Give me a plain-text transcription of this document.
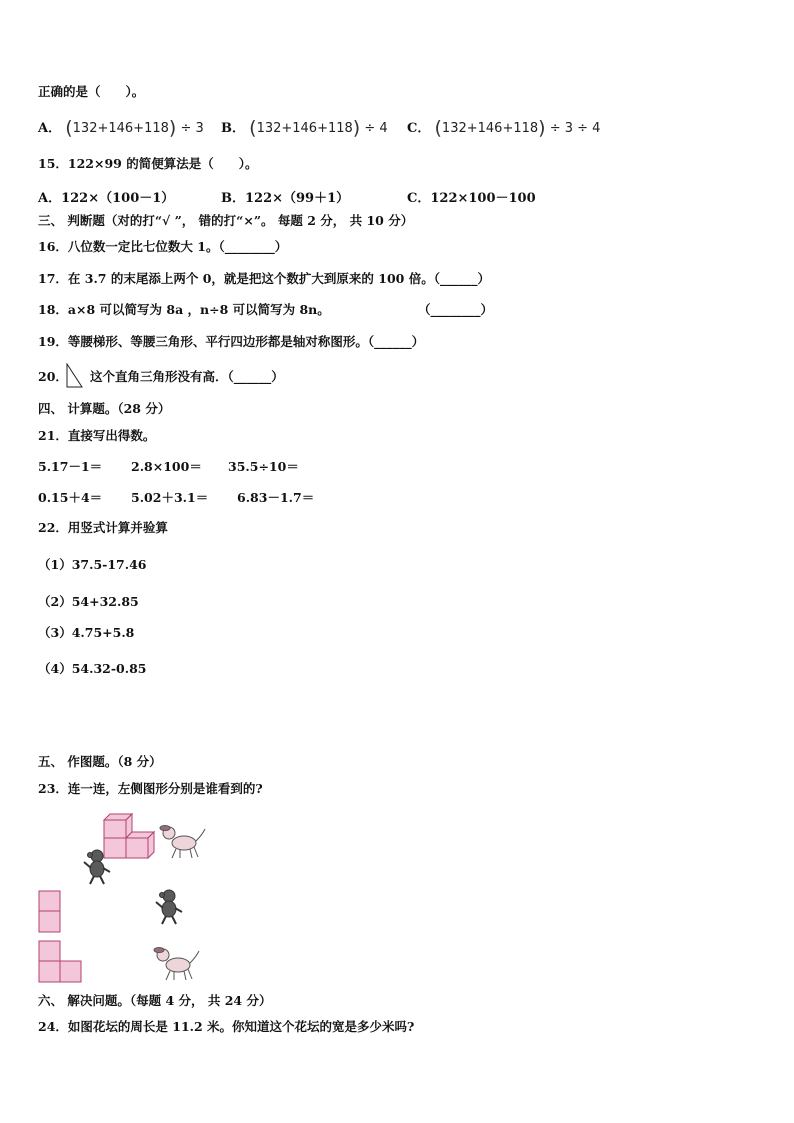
正确的是（　　）。
A． (132+146+118) ÷ 3 B． (132+146+118) ÷ 4 C． (132+146+118) ÷ 3 ÷ 4
15．122×99 的简便算法是（　　）。
A．122×（100－1）	B．122×（99＋1）	C．122×100－100
三、 判断题（对的打“√ ”， 错的打“×”。 每题 2 分， 共 10 分）
16．八位数一定比七位数大 1。（________）
17．在 3.7 的末尾添上两个 0，就是把这个数扩大到原来的 100 倍。（______）
18．a×8 可以简写为 8a ，n÷8 可以简写为 8n。	（________）
19．等腰梯形、等腰三角形、平行四边形都是轴对称图形。（______）
20． 这个直角三角形没有高．（______）
四、 计算题。（28 分）
21．直接写出得数。
5.17－1＝ 2.8×100＝ 35.5÷10＝
0.15＋4＝ 5.02＋3.1＝ 6.83－1.7＝
22．用竖式计算并验算
（1）37.5-17.46
（2）54+32.85
（3）4.75+5.8
（4）54.32-0.85
五、 作图题。（8 分）
23．连一连，左侧图形分别是谁看到的?
六、 解决问题。（每题 4 分， 共 24 分）
24．如图花坛的周长是 11.2 米。你知道这个花坛的宽是多少米吗?
